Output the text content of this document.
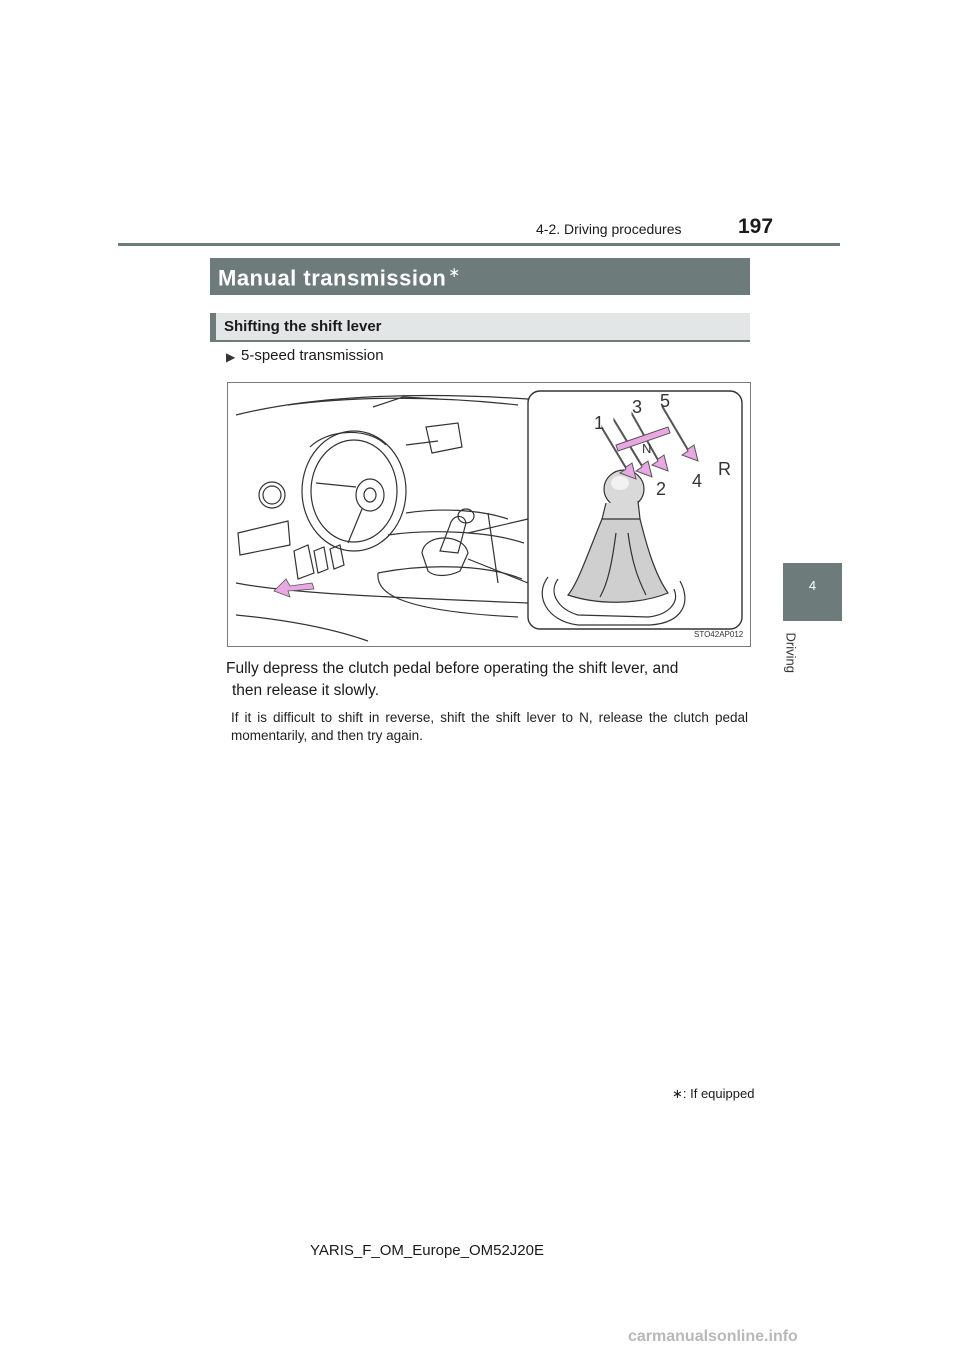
197
4-2. Driving procedures
4
Driving
Manual transmission ∗
Shifting the shift lever
▶ 5-speed transmission
1
3 5
2 4
R
N
STO42AP012
Fully depress the clutch pedal before operating the shift lever, and
then release it slowly.
If it is difficult to shift in reverse, shift the shift lever to N, release the clutch pedal momentarily, and then try again.
∗: If equipped
YARIS_F_OM_Europe_OM52J20E
carmanualsonline.info
